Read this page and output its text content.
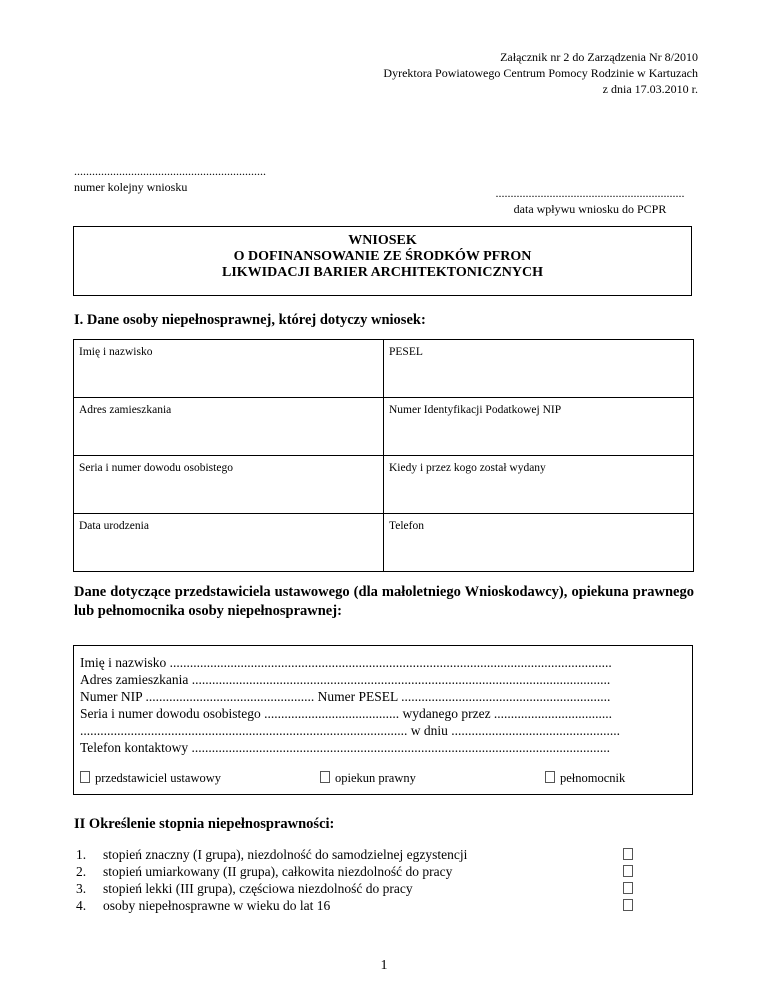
Załącznik nr 2 do Zarządzenia Nr 8/2010
Dyrektora Powiatowego Centrum Pomocy Rodzinie w Kartuzach
z dnia 17.03.2010 r.
................................................................
numer kolejny wniosku	...............................................................
data wpływu wniosku do PCPR
WNIOSEK
O DOFINANSOWANIE ZE ŚRODKÓW PFRON
LIKWIDACJI BARIER ARCHITEKTONICZNYCH
I. Dane osoby niepełnosprawnej, której dotyczy wniosek:
Imię i nazwisko	PESEL
Adres zamieszkania	Numer Identyfikacji Podatkowej NIP
Seria i numer dowodu osobistego	Kiedy i przez kogo został wydany
Data urodzenia	Telefon
Dane dotyczące przedstawiciela ustawowego (dla małoletniego Wnioskodawcy), opiekuna prawnego lub pełnomocnika osoby niepełnosprawnej:
Imię i nazwisko ...................................................................................................................................
Adres zamieszkania ............................................................................................................................
Numer NIP .................................................. Numer PESEL ..............................................................
Seria i numer dowodu osobistego ........................................ wydanego przez ...................................
................................................................................................. w dniu ..................................................
Telefon kontaktowy ............................................................................................................................
przedstawiciel ustawowy	opiekun prawny	pełnomocnik
II Określenie stopnia niepełnosprawności:
1.	stopień znaczny (I grupa), niezdolność do samodzielnej egzystencji
2.	stopień umiarkowany (II grupa), całkowita niezdolność do pracy
3.	stopień lekki (III grupa), częściowa niezdolność do pracy
4.	osoby niepełnosprawne w wieku do lat 16
1
